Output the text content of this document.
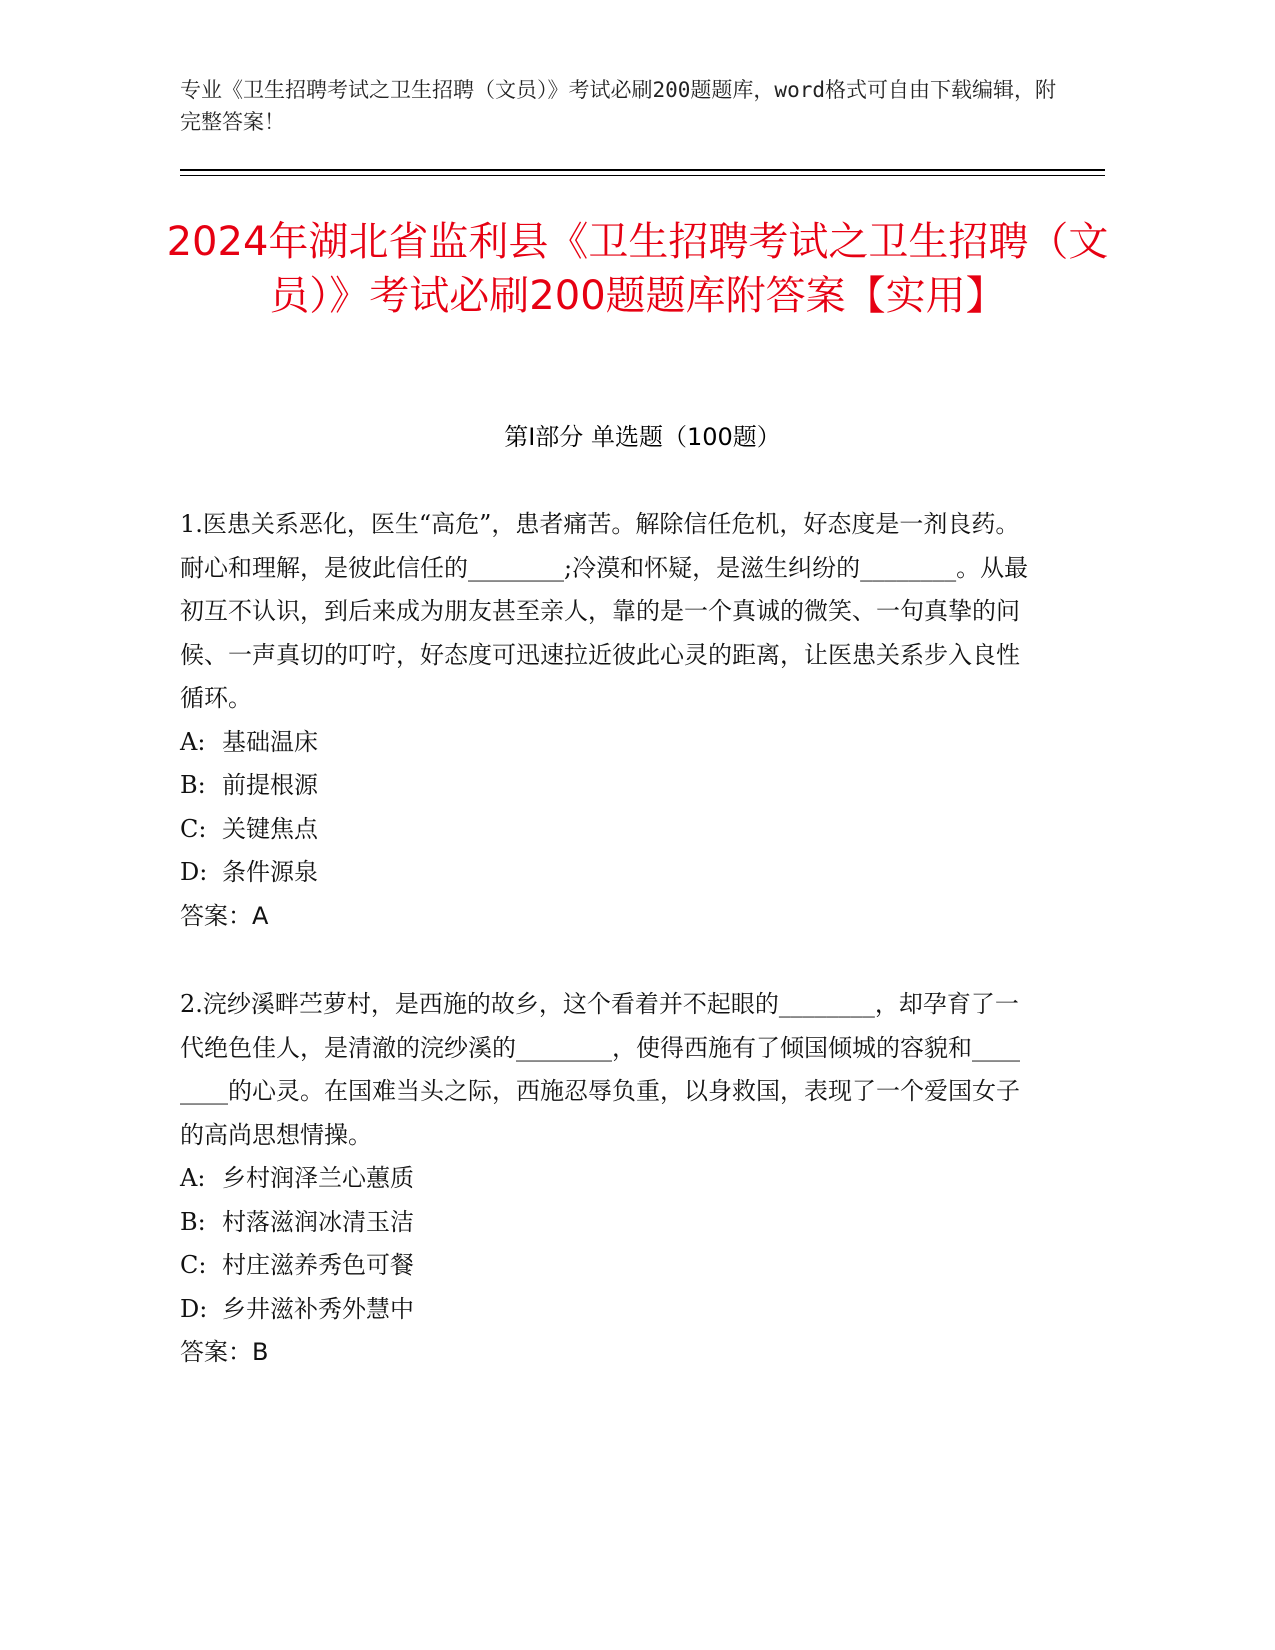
专业《卫生招聘考试之卫生招聘（文员）》考试必刷200题题库，word格式可自由下载编辑，附完整答案！
2024年湖北省监利县《卫生招聘考试之卫生招聘（文员）》考试必刷200题题库附答案【实用】
第I部分 单选题（100题）

1.医患关系恶化，医生“高危”，患者痛苦。解除信任危机，好态度是一剂良药。耐心和理解，是彼此信任的________;冷漠和怀疑，是滋生纠纷的________。从最初互不认识，到后来成为朋友甚至亲人，靠的是一个真诚的微笑、一句真挚的问候、一声真切的叮咛，好态度可迅速拉近彼此心灵的距离，让医患关系步入良性循环。

A: 基础温床

B: 前提根源

C: 关键焦点

D: 条件源泉

答案：A

2.浣纱溪畔苎萝村，是西施的故乡，这个看着并不起眼的________，却孕育了一代绝色佳人，是清澈的浣纱溪的________，使得西施有了倾国倾城的容貌和________的心灵。在国难当头之际，西施忍辱负重，以身救国，表现了一个爱国女子的高尚思想情操。

A: 乡村润泽兰心蕙质

B: 村落滋润冰清玉洁

C: 村庄滋养秀色可餐

D: 乡井滋补秀外慧中

答案：B
